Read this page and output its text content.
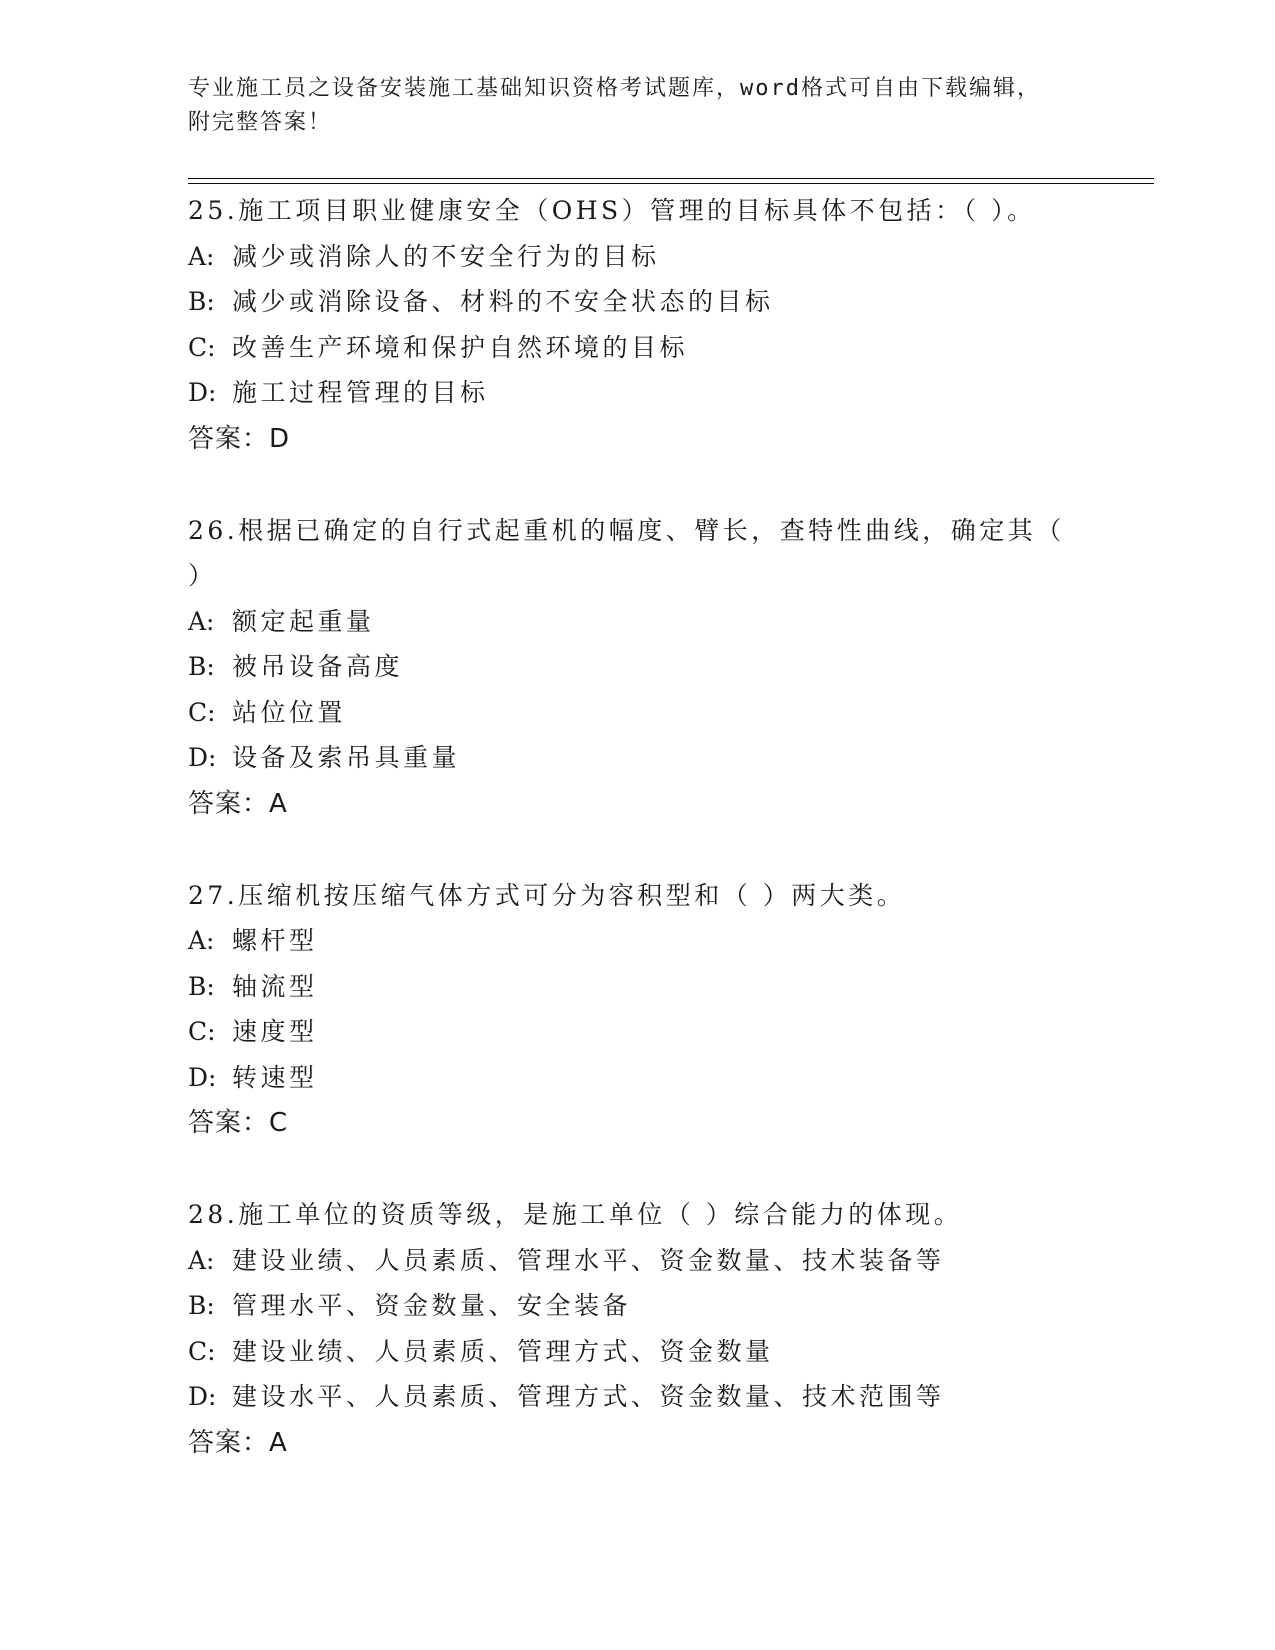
专业施工员之设备安装施工基础知识资格考试题库，word格式可自由下载编辑，
附完整答案！
25.施工项目职业健康安全（OHS）管理的目标具体不包括：（ ）。
A: 减少或消除人的不安全行为的目标
B: 减少或消除设备、材料的不安全状态的目标
C: 改善生产环境和保护自然环境的目标
D: 施工过程管理的目标
答案：D
26.根据已确定的自行式起重机的幅度、臂长，查特性曲线，确定其（ ）
A: 额定起重量
B: 被吊设备高度
C: 站位位置
D: 设备及索吊具重量
答案：A
27.压缩机按压缩气体方式可分为容积型和（ ）两大类。
A: 螺杆型
B: 轴流型
C: 速度型
D: 转速型
答案：C
28.施工单位的资质等级，是施工单位（ ）综合能力的体现。
A: 建设业绩、人员素质、管理水平、资金数量、技术装备等
B: 管理水平、资金数量、安全装备
C: 建设业绩、人员素质、管理方式、资金数量
D: 建设水平、人员素质、管理方式、资金数量、技术范围等
答案：A
